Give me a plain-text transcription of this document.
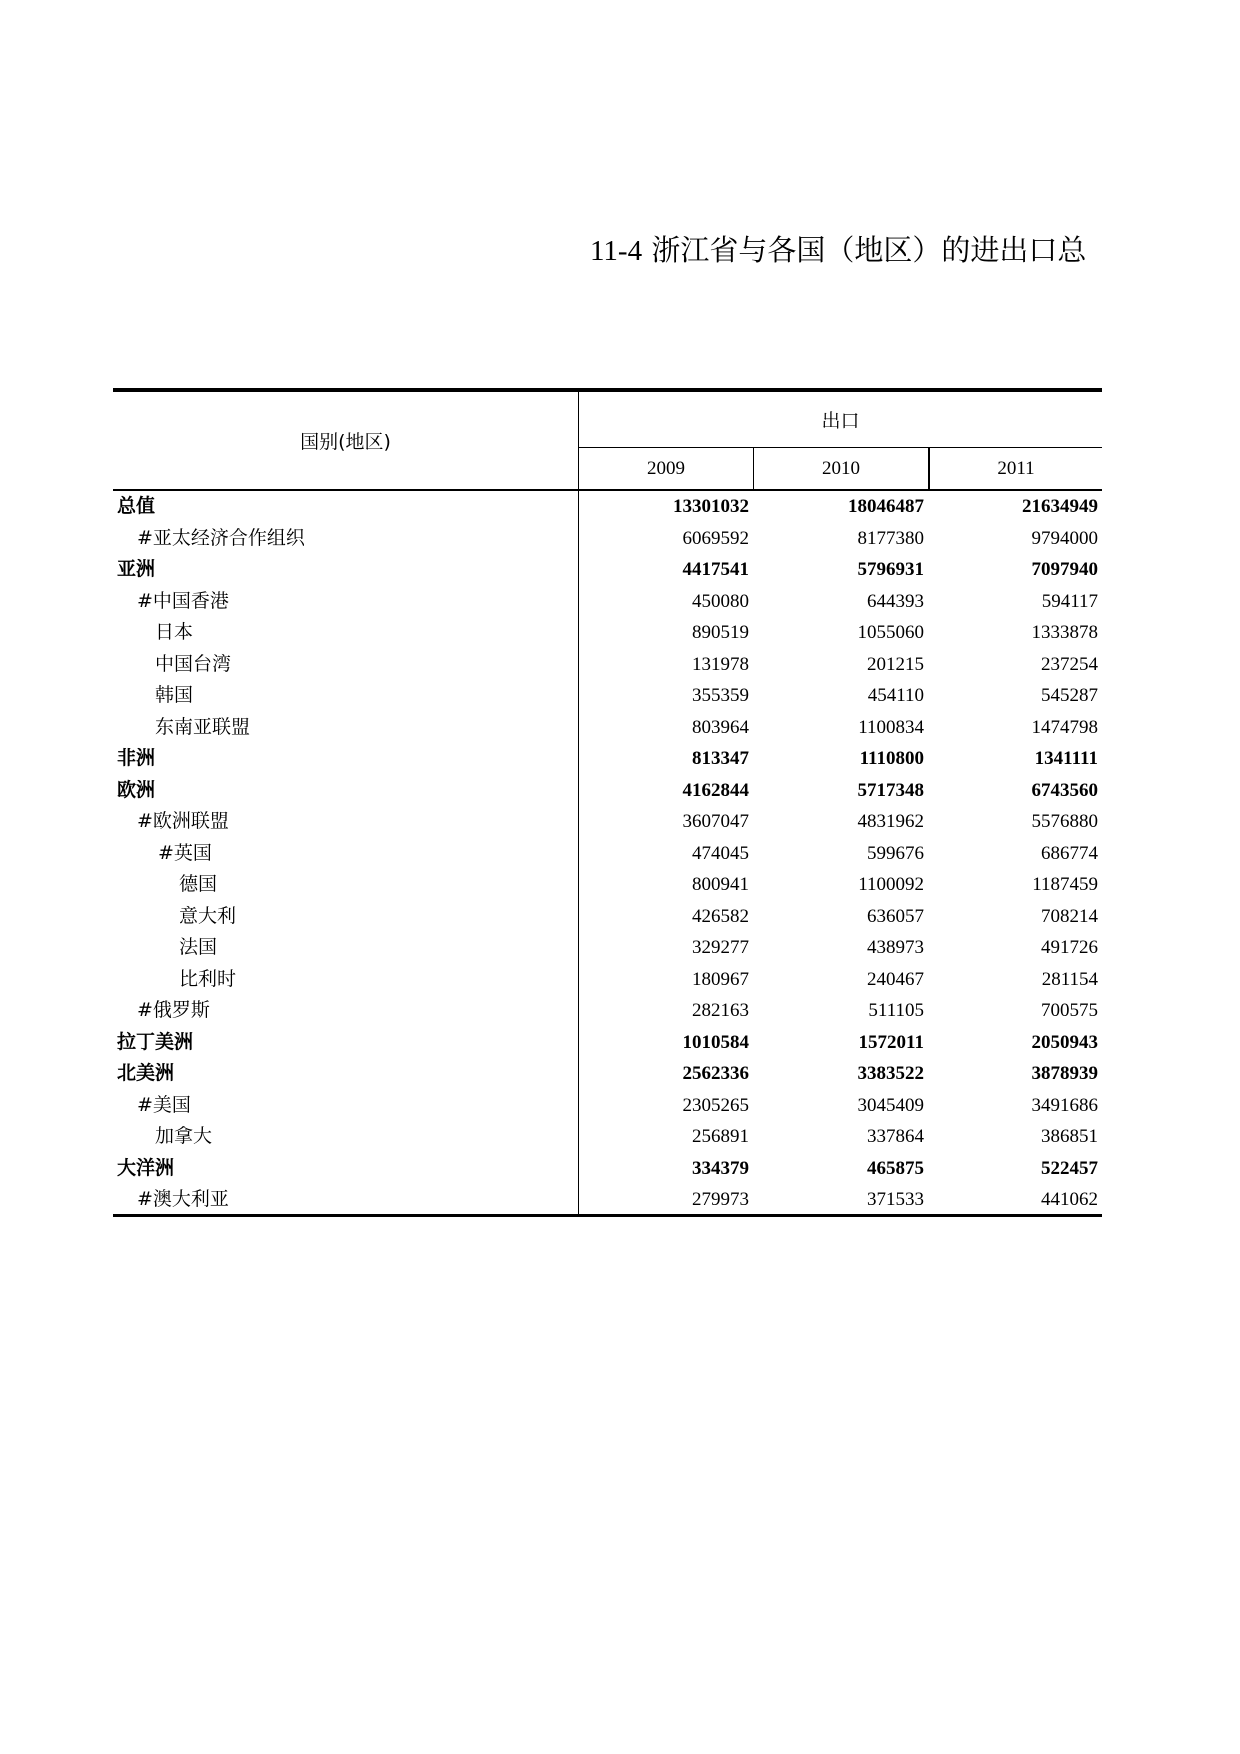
11-4 浙江省与各国（地区）的进出口总
国别(地区)
出口
2009	2010	2011
总值	13301032	18046487	21634949
#亚太经济合作组织	6069592	8177380	9794000
亚洲	4417541	5796931	7097940
#中国香港	450080	644393	594117
日本	890519	1055060	1333878
中国台湾	131978	201215	237254
韩国	355359	454110	545287
东南亚联盟	803964	1100834	1474798
非洲	813347	1110800	1341111
欧洲	4162844	5717348	6743560
#欧洲联盟	3607047	4831962	5576880
#英国	474045	599676	686774
德国	800941	1100092	1187459
意大利	426582	636057	708214
法国	329277	438973	491726
比利时	180967	240467	281154
#俄罗斯	282163	511105	700575
拉丁美洲	1010584	1572011	2050943
北美洲	2562336	3383522	3878939
#美国	2305265	3045409	3491686
加拿大	256891	337864	386851
大洋洲	334379	465875	522457
#澳大利亚	279973	371533	441062
